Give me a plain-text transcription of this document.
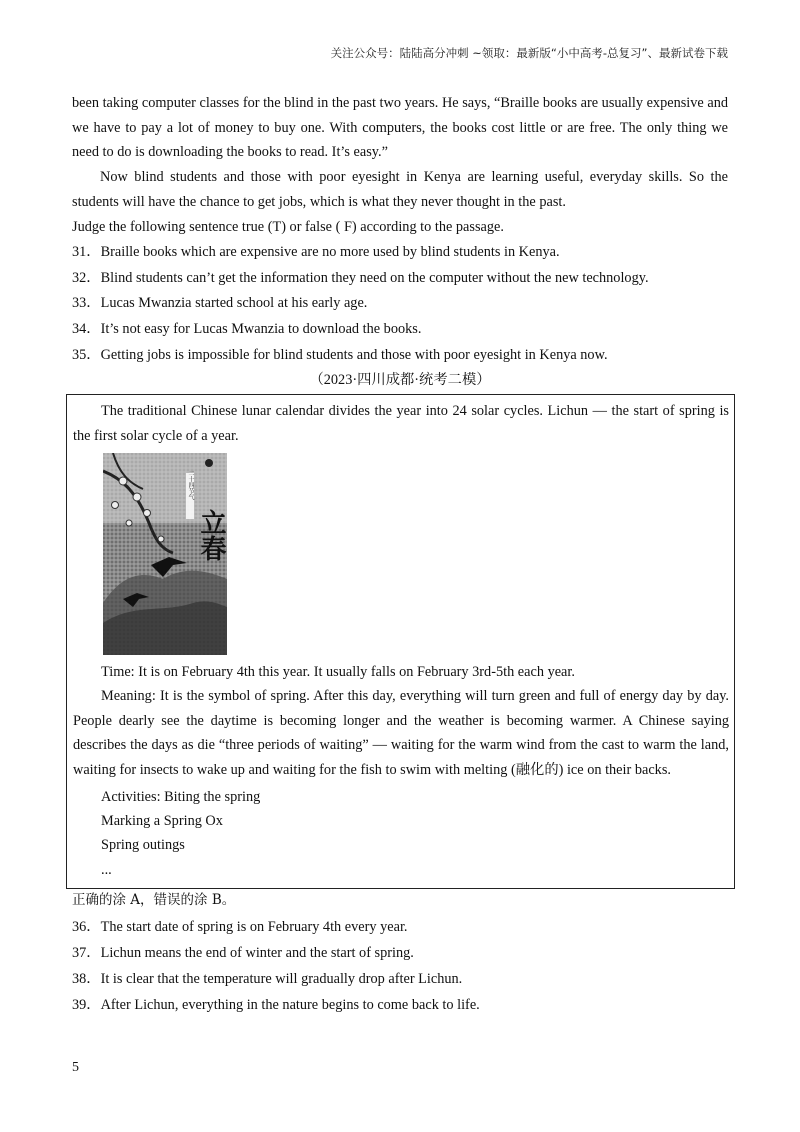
关注公众号：陆陆高分冲刺 ~领取：最新版“小中高考-总复习”、最新试卷下载
been taking computer classes for the blind in the past two years. He says, “Braille books are usually expensive and we have to pay a lot of money to buy one. With computers, the books cost little or are free. The only thing we need to do is downloading the books to read. It’s easy.”
Now blind students and those with poor eyesight in Kenya are learning useful, everyday skills. So the students will have the chance to get jobs, which is what they never thought in the past.
Judge the following sentence true (T) or false ( F) according to the passage.
31．Braille books which are expensive are no more used by blind students in Kenya.
32．Blind students can’t get the information they need on the computer without the new technology.
33．Lucas Mwanzia started school at his early age.
34．It’s not easy for Lucas Mwanzia to download the books.
35．Getting jobs is impossible for blind students and those with poor eyesight in Kenya now.
（2023·四川成都·统考二模）
The traditional Chinese lunar calendar divides the year into 24 solar cycles. Lichun — the start of spring is the first solar cycle of a year.
二十四节气
立春
Time: It is on February 4th this year. It usually falls on February 3rd-5th each year.
Meaning: It is the symbol of spring. After this day, everything will turn green and full of energy day by day. People dearly see the daytime is becoming longer and the weather is becoming warmer. A Chinese saying describes the days as die “three periods of waiting” — waiting for the warm wind from the cast to warm the land, waiting for insects to wake up and waiting for the fish to swim with melting (融化的) ice on their backs.
Activities: Biting the spring
Marking a Spring Ox
Spring outings
...
正确的涂 A，错误的涂 B。
36．The start date of spring is on February 4th every year.
37．Lichun means the end of winter and the start of spring.
38．It is clear that the temperature will gradually drop after Lichun.
39．After Lichun, everything in the nature begins to come back to life.
5
